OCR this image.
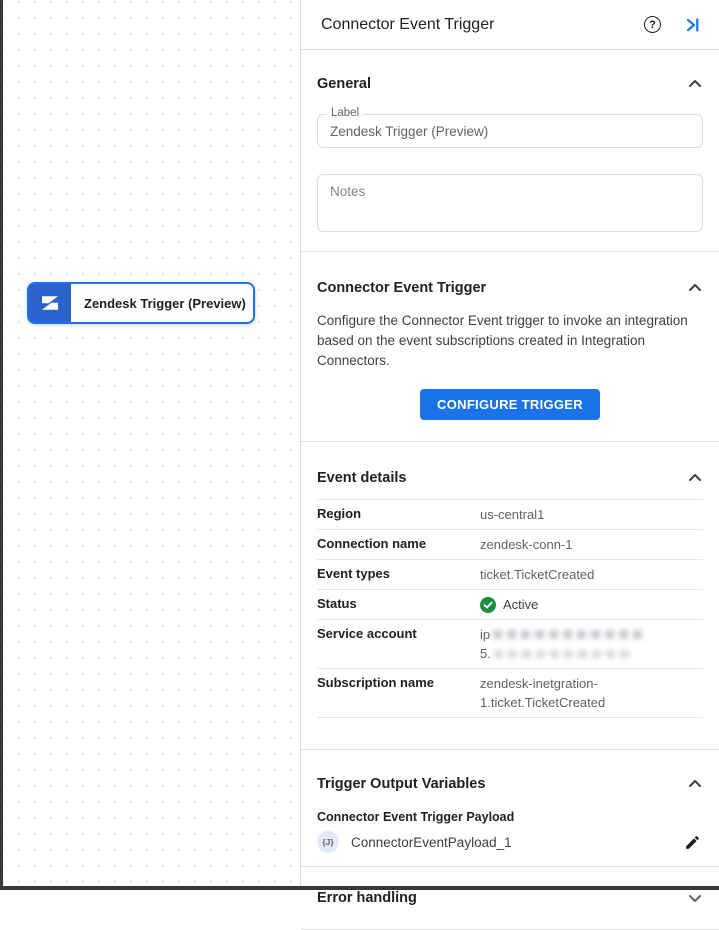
Zendesk Trigger (Preview)
Connector Event Trigger	?
General
Label
Zendesk Trigger (Preview)
Notes
Connector Event Trigger
Configure the Connector Event trigger to invoke an integration based on the event subscriptions created in Integration Connectors.
CONFIGURE TRIGGER
Event details
Region	us-central1
Connection name	zendesk-conn-1
Event types	ticket.TicketCreated
Status	Active
Service account	ip
5.
Subscription name	zendesk-inetgration-1.ticket.TicketCreated
Trigger Output Variables
Connector Event Trigger Payload
{J}	ConnectorEventPayload_1
Error handling
